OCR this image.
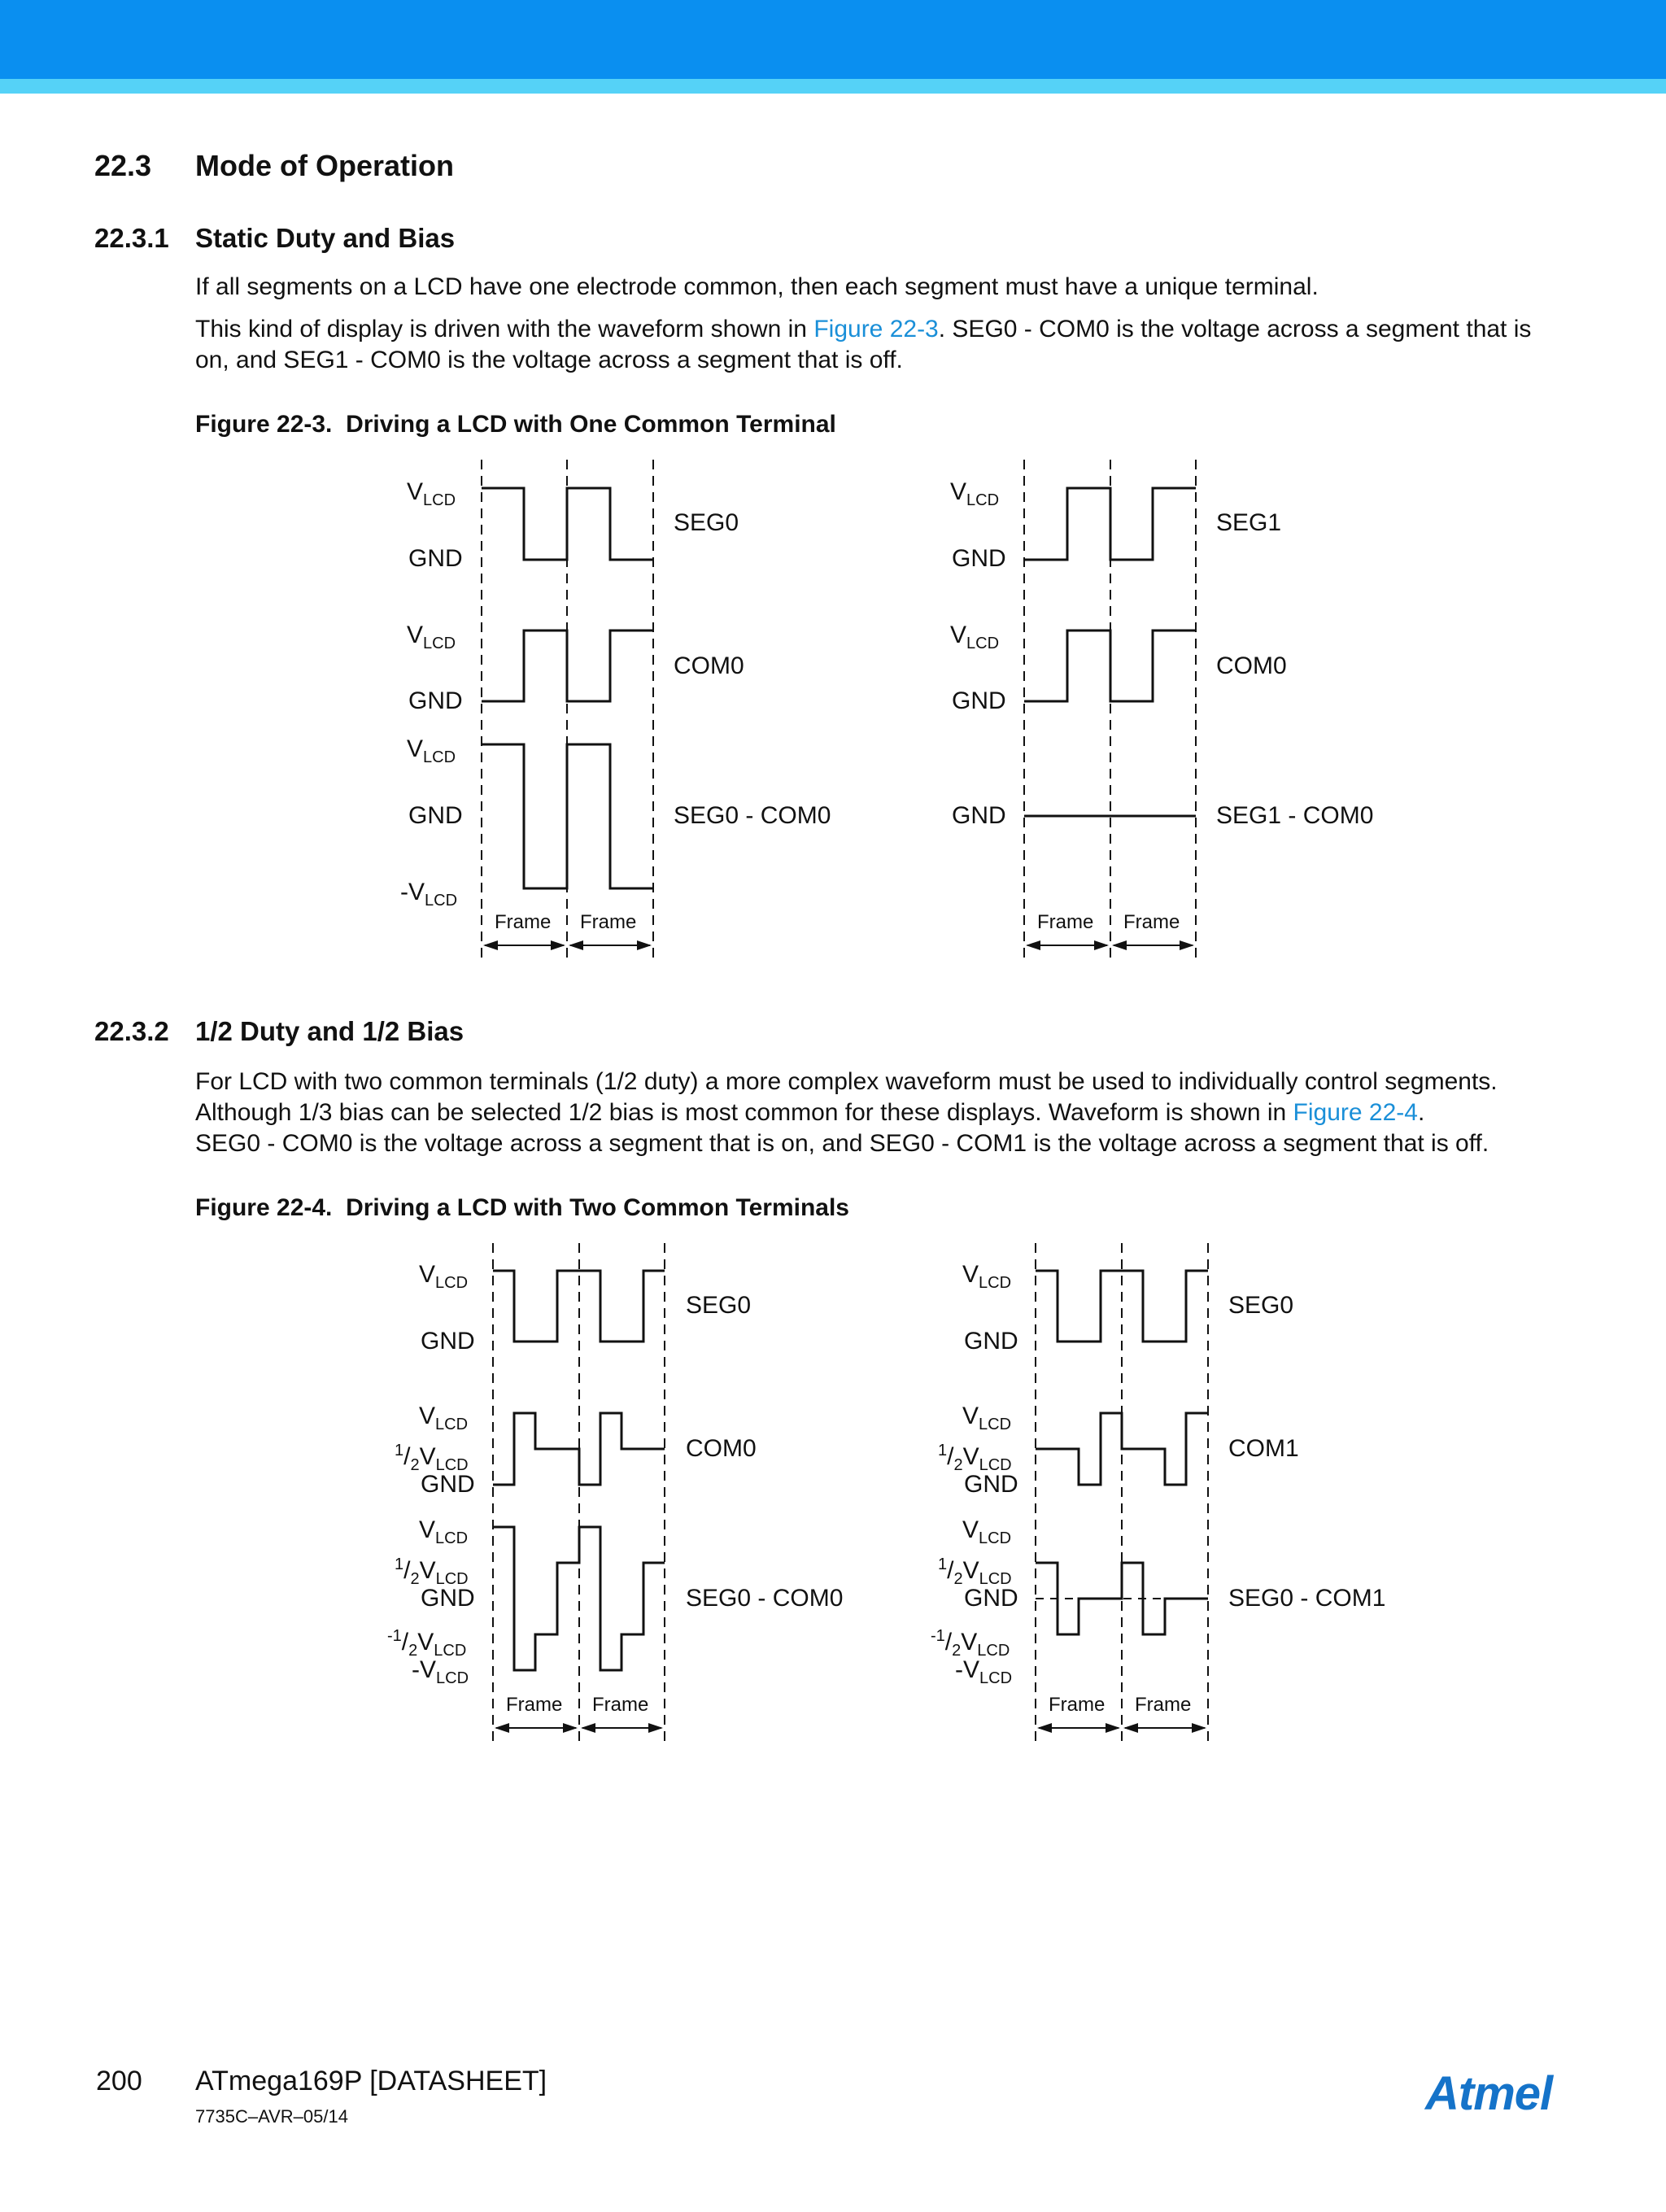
22.3 Mode of Operation
22.3.1 Static Duty and Bias
If all segments on a LCD have one electrode common, then each segment must have a unique terminal.
This kind of display is driven with the waveform shown in Figure 22-3. SEG0 - COM0 is the voltage across a segment that is
on, and SEG1 - COM0 is the voltage across a segment that is off.
Figure 22-3. Driving a LCD with One Common Terminal
$V_{LCD}$
GND
$V_{LCD}$
GND
$V_{LCD}$
GND
$-V_{LCD}$
SEG0
COM0
SEG0 - COM0
Frame Frame
$V_{LCD}$
GND
$V_{LCD}$
GND
GND
SEG1
COM0
SEG1 - COM0
Frame Frame
22.3.2 1/2 Duty and 1/2 Bias
For LCD with two common terminals (1/2 duty) a more complex waveform must be used to individually control segments.
Although 1/3 bias can be selected 1/2 bias is most common for these displays. Waveform is shown in Figure 22-4.
SEG0 - COM0 is the voltage across a segment that is on, and SEG0 - COM1 is the voltage across a segment that is off.
Figure 22-4. Driving a LCD with Two Common Terminals
$V_{LCD}$
GND
$V_{LCD}$
$^1/_2V_{LCD}$
GND
$V_{LCD}$
$^1/_2V_{LCD}$
GND
$^{-1}/_2V_{LCD}$
$-V_{LCD}$
SEG0
COM0
SEG0 - COM0
Frame Frame
$V_{LCD}$
GND
$V_{LCD}$
$^1/_2V_{LCD}$
GND
$V_{LCD}$
$^1/_2V_{LCD}$
GND
$^{-1}/_2V_{LCD}$
$-V_{LCD}$
SEG0
COM1
SEG0 - COM1
Frame Frame
200 ATmega169P [DATASHEET]
7735C–AVR–05/14	Atmel
